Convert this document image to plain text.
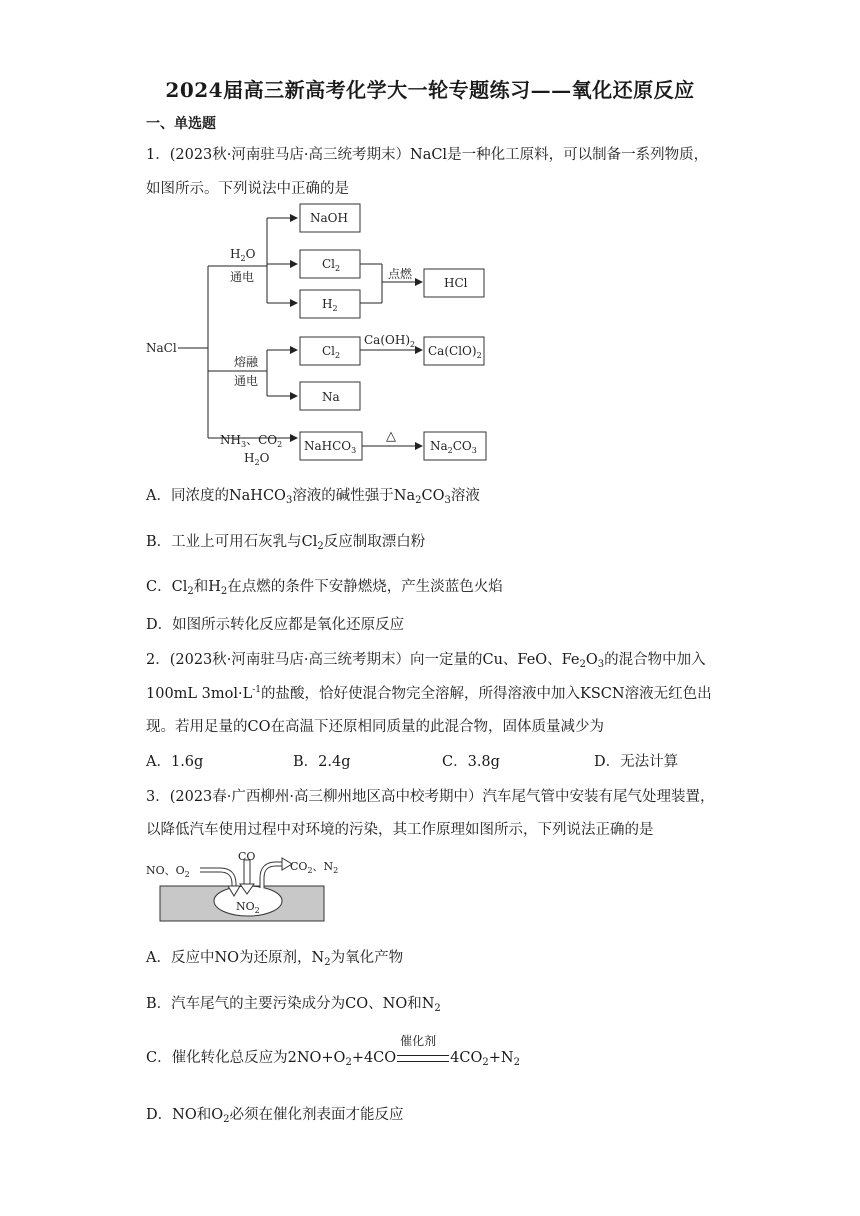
2024届高三新高考化学大一轮专题练习——氧化还原反应
一、单选题
1．(2023秋·河南驻马店·高三统考期末）NaCl是一种化工原料，可以制备一系列物质，
如图所示。下列说法中正确的是
NaCl
$H_2O$
通电
熔融
通电
$NH_3$、$CO_2$
$H_2O$
NaOH
$Cl_2$
$H_2$
点燃
HCl
$Cl_2$
$Ca(OH)_2$ $Ca(ClO)_2$
Na
NaHCO$_3$
△
$Na_2CO_3$
A．同浓度的NaHCO$_3$溶液的碱性强于$Na_2CO_3$溶液
B．工业上可用石灰乳与$Cl_2$反应制取漂白粉
C．$Cl_2$和$H_2$在点燃的条件下安静燃烧，产生淡蓝色火焰
D．如图所示转化反应都是氧化还原反应
2．(2023秋·河南驻马店·高三统考期末）向一定量的Cu、FeO、$Fe_2O_3$的混合物中加入
100mL $3mol\cdot L^{-1}$的盐酸，恰好使混合物完全溶解，所得溶液中加入KSCN溶液无红色出
现。若用足量的CO在高温下还原相同质量的此混合物，固体质量减少为
A．1.6g	B．2.4g	C．3.8g	D．无法计算
3．(2023春·广西柳州·高三柳州地区高中校考期中）汽车尾气管中安装有尾气处理装置，
以降低汽车使用过程中对环境的污染，其工作原理如图所示，下列说法正确的是
NO、$O_2$
CO
$CO_2$、$N_2$
$NO_2$
A．反应中NO为还原剂，$N_2$为氧化产物
B．汽车尾气的主要污染成分为CO、NO和$N_2$
C．催化转化总反应为$2NO+O_2+4CO$
催化剂
$4CO_2+N_2$
D．NO和$O_2$必须在催化剂表面才能反应
